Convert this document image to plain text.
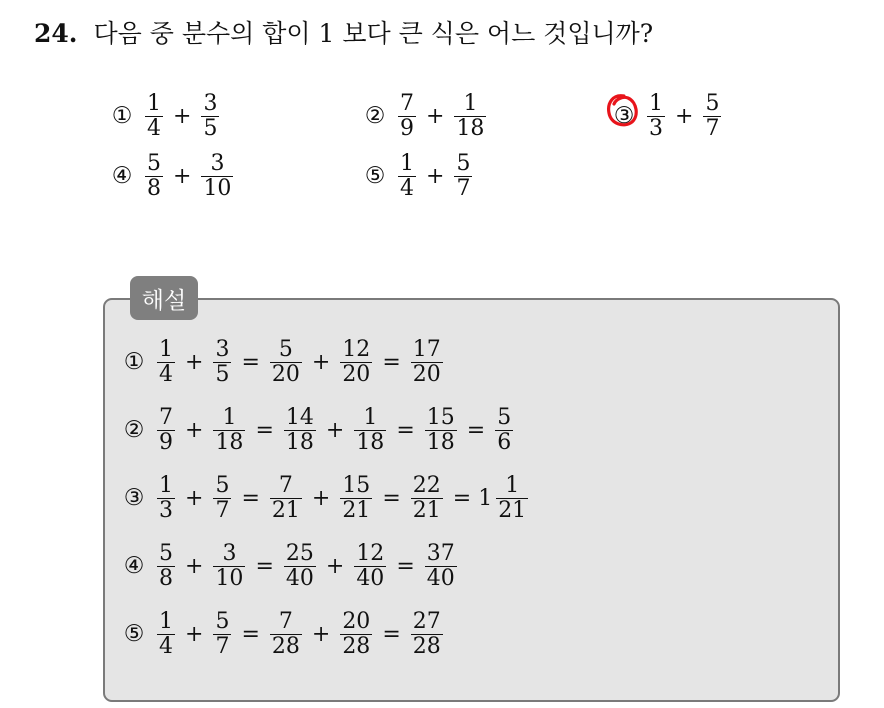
24. 다음 중 분수의 합이 1 보다 큰 식은 어느 것입니까?
① $\frac{1}{4} + \frac{3}{5}$	② $\frac{7}{9} + \frac{1}{18}$	③ $\frac{1}{3} + \frac{5}{7}$
④ $\frac{5}{8} + \frac{3}{10}$	⑤ $\frac{1}{4} + \frac{5}{7}$
해설
① $\frac{1}{4} + \frac{3}{5} = \frac{5}{20} + \frac{12}{20} = \frac{17}{20}$
② $\frac{7}{9} + \frac{1}{18} = \frac{14}{18} + \frac{1}{18} = \frac{15}{18} = \frac{5}{6}$
③ $\frac{1}{3} + \frac{5}{7} = \frac{7}{21} + \frac{15}{21} = \frac{22}{21} = 1 \frac{1}{21}$
④ $\frac{5}{8} + \frac{3}{10} = \frac{25}{40} + \frac{12}{40} = \frac{37}{40}$
⑤ $\frac{1}{4} + \frac{5}{7} = \frac{7}{28} + \frac{20}{28} = \frac{27}{28}$
